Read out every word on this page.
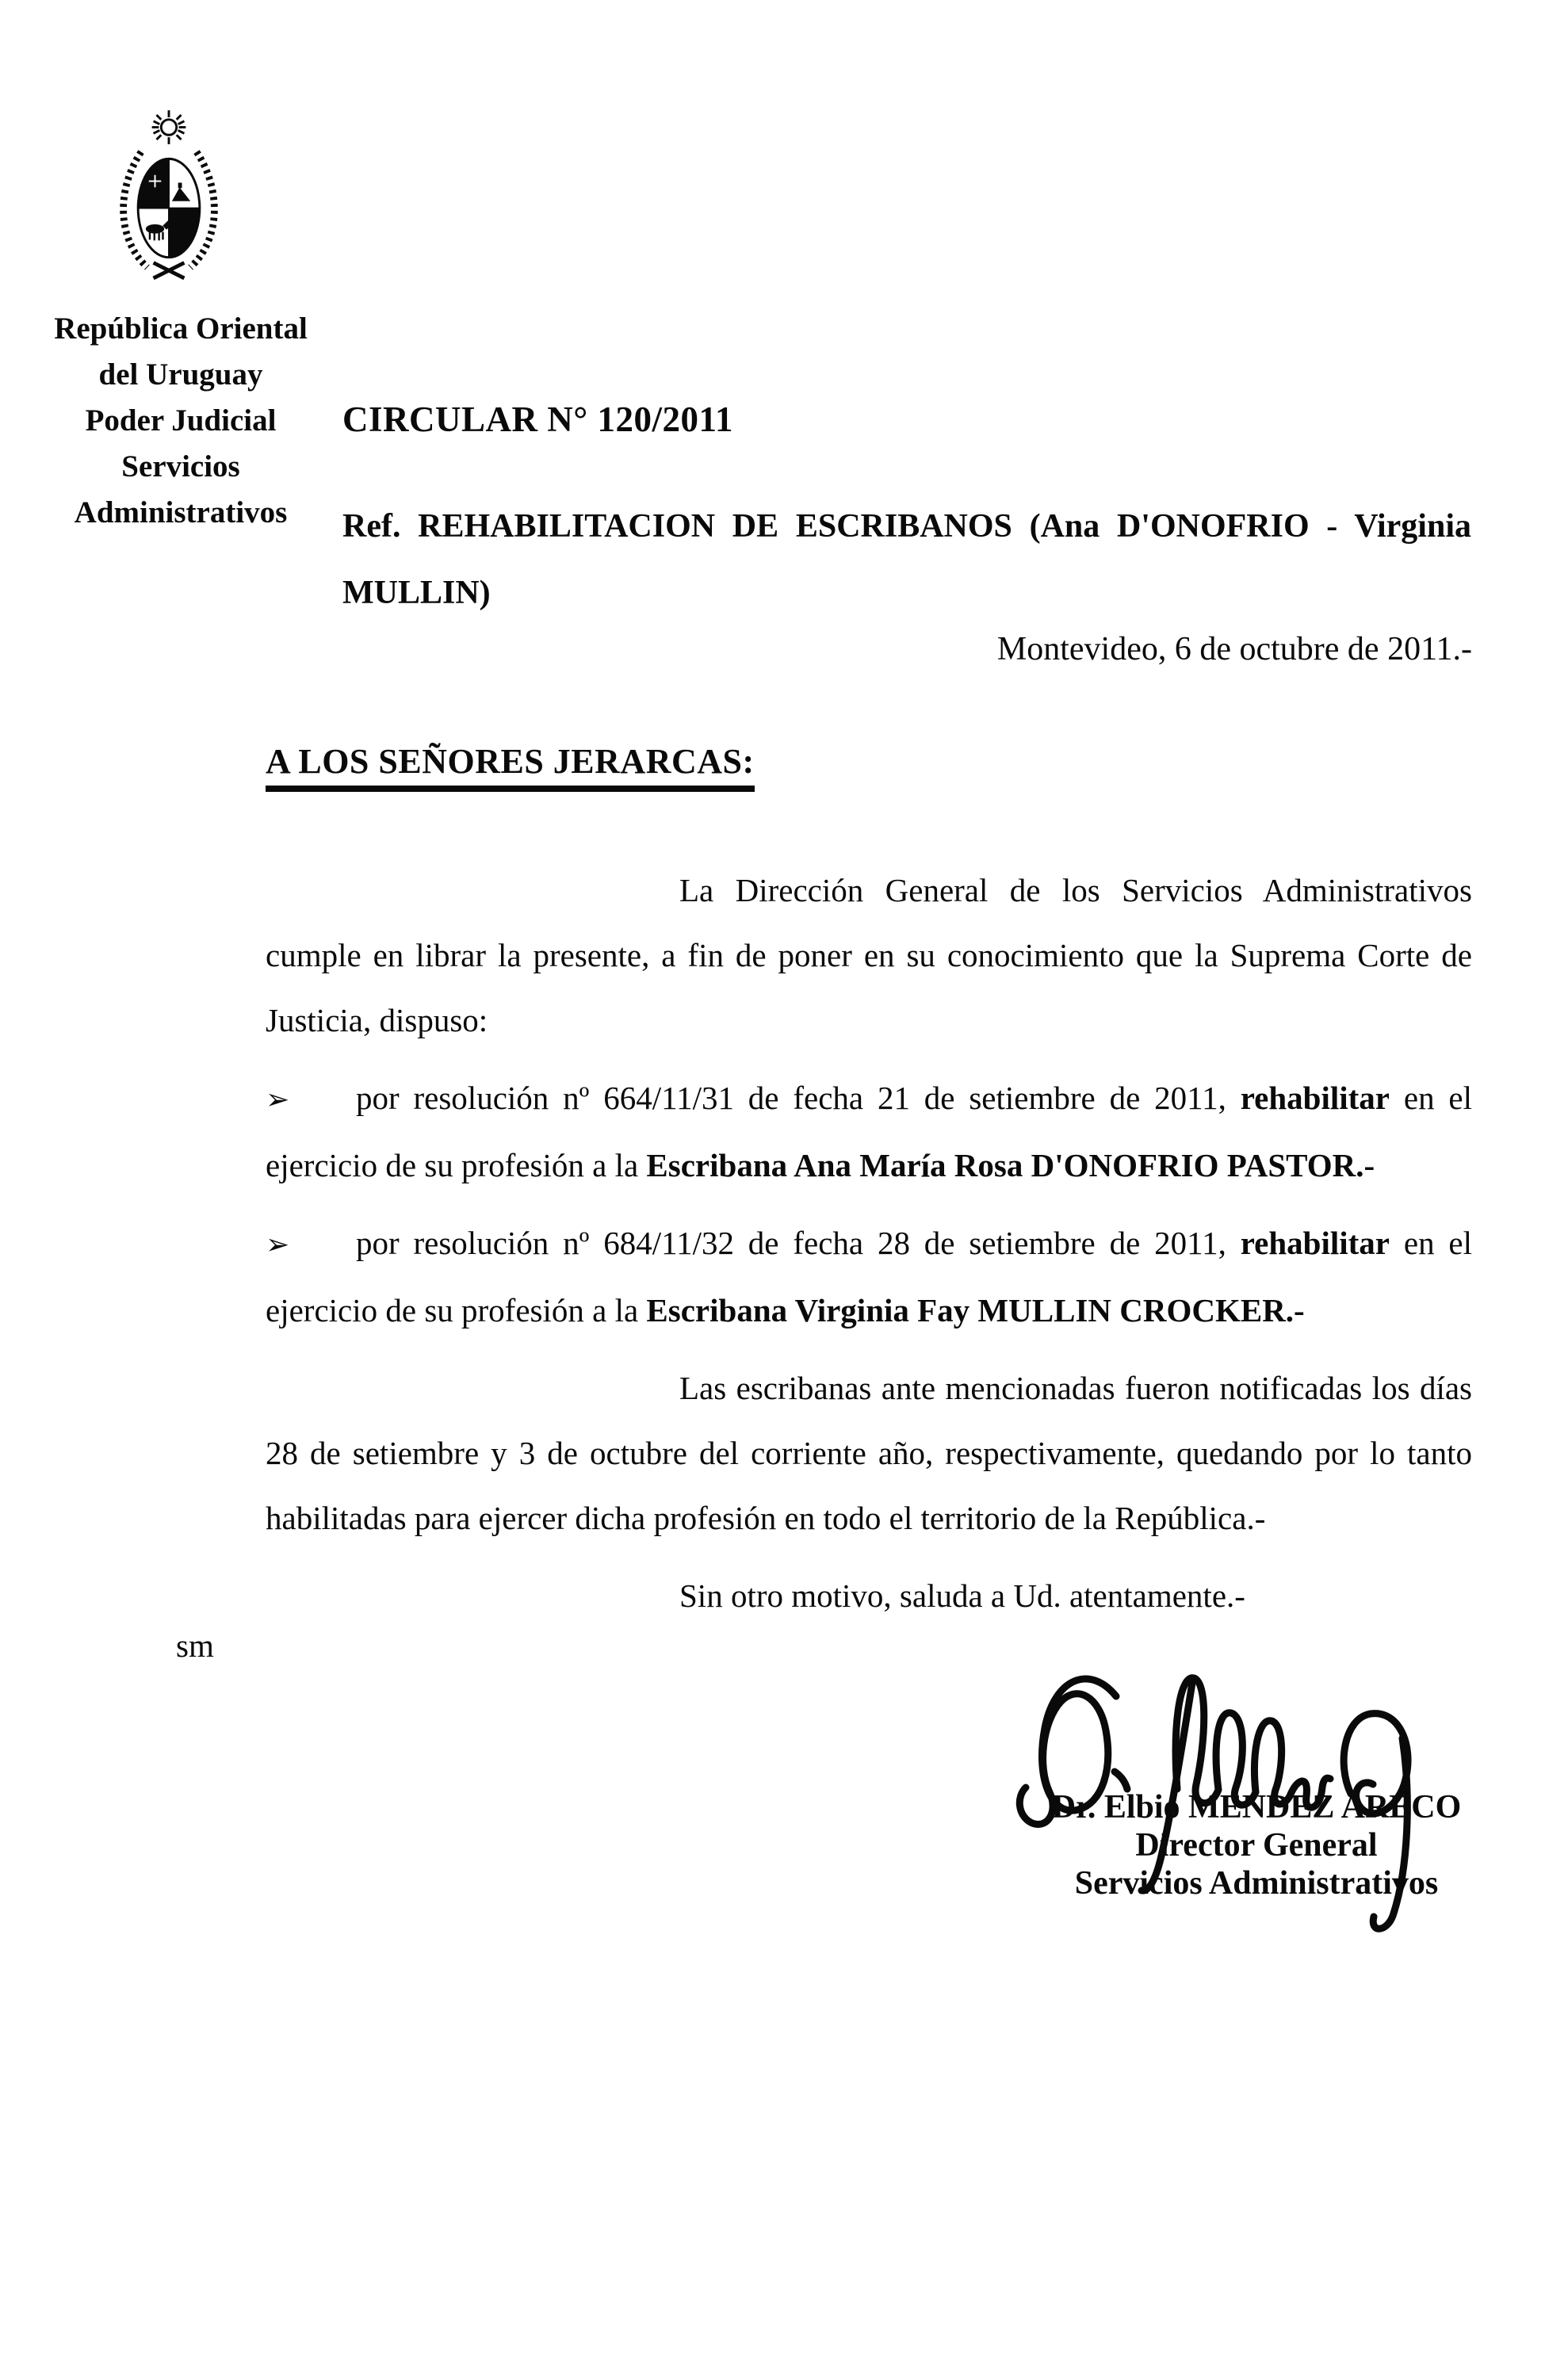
República Oriental
del Uruguay
Poder Judicial
Servicios
Administrativos
CIRCULAR N° 120/2011

Ref. REHABILITACION DE ESCRIBANOS (Ana D'ONOFRIO - Virginia MULLIN)

Montevideo, 6 de octubre de 2011.-
A LOS SEÑORES JERARCAS:

La Dirección General de los Servicios Administrativos cumple en librar la presente, a fin de poner en su conocimiento que la Suprema Corte de Justicia, dispuso:

➢ por resolución nº 664/11/31 de fecha 21 de setiembre de 2011, rehabilitar en el ejercicio de su profesión a la Escribana Ana María Rosa D'ONOFRIO PASTOR.-

➢ por resolución nº 684/11/32 de fecha 28 de setiembre de 2011, rehabilitar en el ejercicio de su profesión a la Escribana Virginia Fay MULLIN CROCKER.-

Las escribanas ante mencionadas fueron notificadas los días 28 de setiembre y 3 de octubre del corriente año, respectivamente, quedando por lo tanto habilitadas para ejercer dicha profesión en todo el territorio de la República.-

Sin otro motivo, saluda a Ud. atentamente.-

sm
Dr. Elbio MENDEZ ARECO
Director General
Servicios Administrativos
